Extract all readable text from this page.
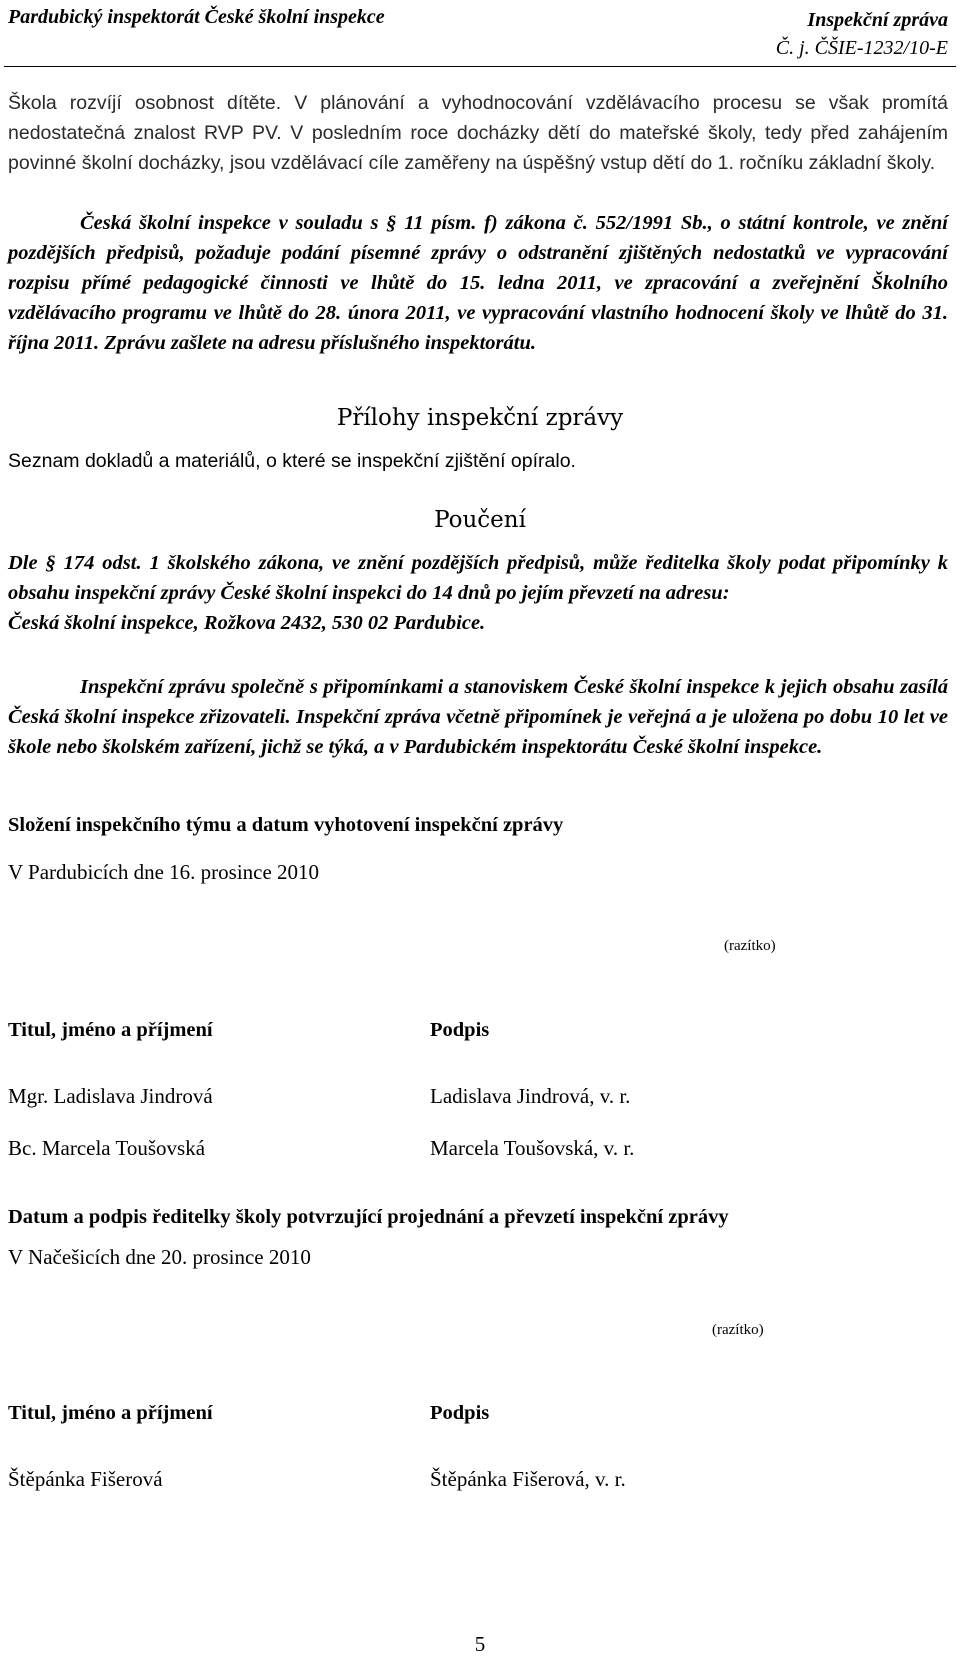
Pardubický inspektorát České školní inspekce	Inspekční zpráva
Č. j. ČŠIE-1232/10-E
Škola rozvíjí osobnost dítěte. V plánování a vyhodnocování vzdělávacího procesu se však promítá nedostatečná znalost RVP PV. V posledním roce docházky dětí do mateřské školy, tedy před zahájením povinné školní docházky, jsou vzdělávací cíle zaměřeny na úspěšný vstup dětí do 1. ročníku základní školy.
Česká školní inspekce v souladu s § 11 písm. f) zákona č. 552/1991 Sb., o státní kontrole, ve znění pozdějších předpisů, požaduje podání písemné zprávy o odstranění zjištěných nedostatků ve vypracování rozpisu přímé pedagogické činnosti ve lhůtě do 15. ledna 2011, ve zpracování a zveřejnění Školního vzdělávacího programu ve lhůtě do 28. února 2011, ve vypracování vlastního hodnocení školy ve lhůtě do 31. října 2011. Zprávu zašlete na adresu příslušného inspektorátu.
Přílohy inspekční zprávy
Seznam dokladů a materiálů, o které se inspekční zjištění opíralo.
Poučení
Dle § 174 odst. 1 školského zákona, ve znění pozdějších předpisů, může ředitelka školy podat připomínky k obsahu inspekční zprávy České školní inspekci do 14 dnů po jejím převzetí na adresu:
Česká školní inspekce, Rožkova 2432, 530 02 Pardubice.
Inspekční zprávu společně s připomínkami a stanoviskem České školní inspekce k jejich obsahu zasílá Česká školní inspekce zřizovateli. Inspekční zpráva včetně připomínek je veřejná a je uložena po dobu 10 let ve škole nebo školském zařízení, jichž se týká, a v Pardubickém inspektorátu České školní inspekce.
Složení inspekčního týmu a datum vyhotovení inspekční zprávy
V Pardubicích dne 16. prosince 2010
(razítko)
Titul, jméno a příjmení	Podpis
Mgr. Ladislava Jindrová	Ladislava Jindrová, v. r.
Bc. Marcela Toušovská	Marcela Toušovská, v. r.
Datum a podpis ředitelky školy potvrzující projednání a převzetí inspekční zprávy
V Načešicích dne 20. prosince 2010
(razítko)
Titul, jméno a příjmení	Podpis
Štěpánka Fišerová	Štěpánka Fišerová, v. r.
5
